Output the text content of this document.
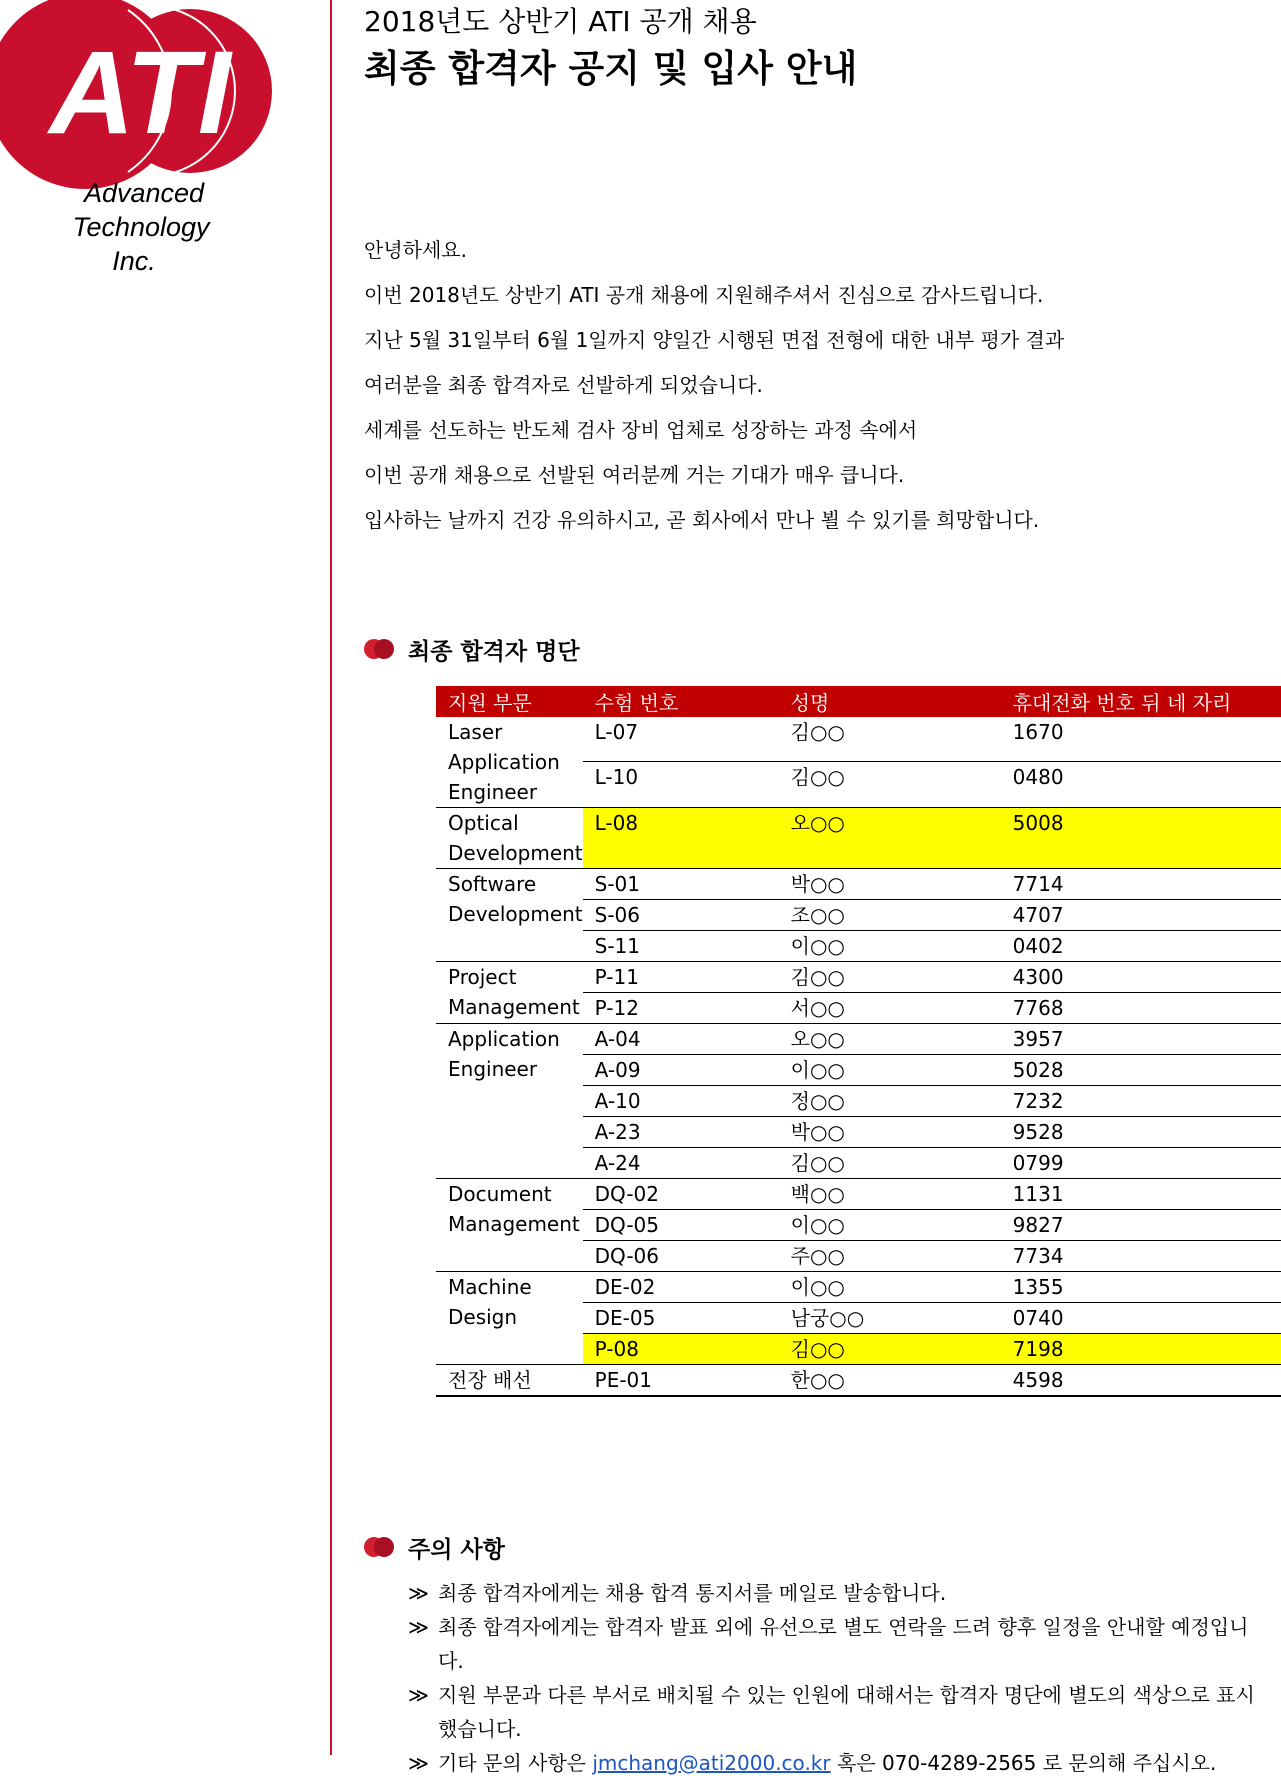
ATI
Advanced
Technology
Inc.
2018년도 상반기 ATI 공개 채용
최종 합격자 공지 및 입사 안내

안녕하세요.

이번 2018년도 상반기 ATI 공개 채용에 지원해주셔서 진심으로 감사드립니다.

지난 5월 31일부터 6월 1일까지 양일간 시행된 면접 전형에 대한 내부 평가 결과

여러분을 최종 합격자로 선발하게 되었습니다.

세계를 선도하는 반도체 검사 장비 업체로 성장하는 과정 속에서

이번 공개 채용으로 선발된 여러분께 거는 기대가 매우 큽니다.

입사하는 날까지 건강 유의하시고, 곧 회사에서 만나 뵐 수 있기를 희망합니다.

최종 합격자 명단
지원 부문	수험 번호	성명	휴대전화 번호 뒤 네 자리
Laser Application Engineer	L-07	김○○	1670
	L-10	김○○	0480
Optical Development	L-08	오○○	5008
Software Development	S-01	박○○	7714
	S-06	조○○	4707
	S-11	이○○	0402
Project Management	P-11	김○○	4300
	P-12	서○○	7768
Application Engineer	A-04	오○○	3957
	A-09	이○○	5028
	A-10	정○○	7232
	A-23	박○○	9528
	A-24	김○○	0799
Document Management	DQ-02	백○○	1131
	DQ-05	이○○	9827
	DQ-06	주○○	7734
Machine Design	DE-02	이○○	1355
	DE-05	남궁○○	0740
	P-08	김○○	7198
전장 배선	PE-01	한○○	4598
주의 사항
≫ 최종 합격자에게는 채용 합격 통지서를 메일로 발송합니다.
≫ 최종 합격자에게는 합격자 발표 외에 유선으로 별도 연락을 드려 향후 일정을 안내할 예정입니다.
≫ 지원 부문과 다른 부서로 배치될 수 있는 인원에 대해서는 합격자 명단에 별도의 색상으로 표시했습니다.
≫ 기타 문의 사항은 jmchang@ati2000.co.kr 혹은 070-4289-2565 로 문의해 주십시오.
